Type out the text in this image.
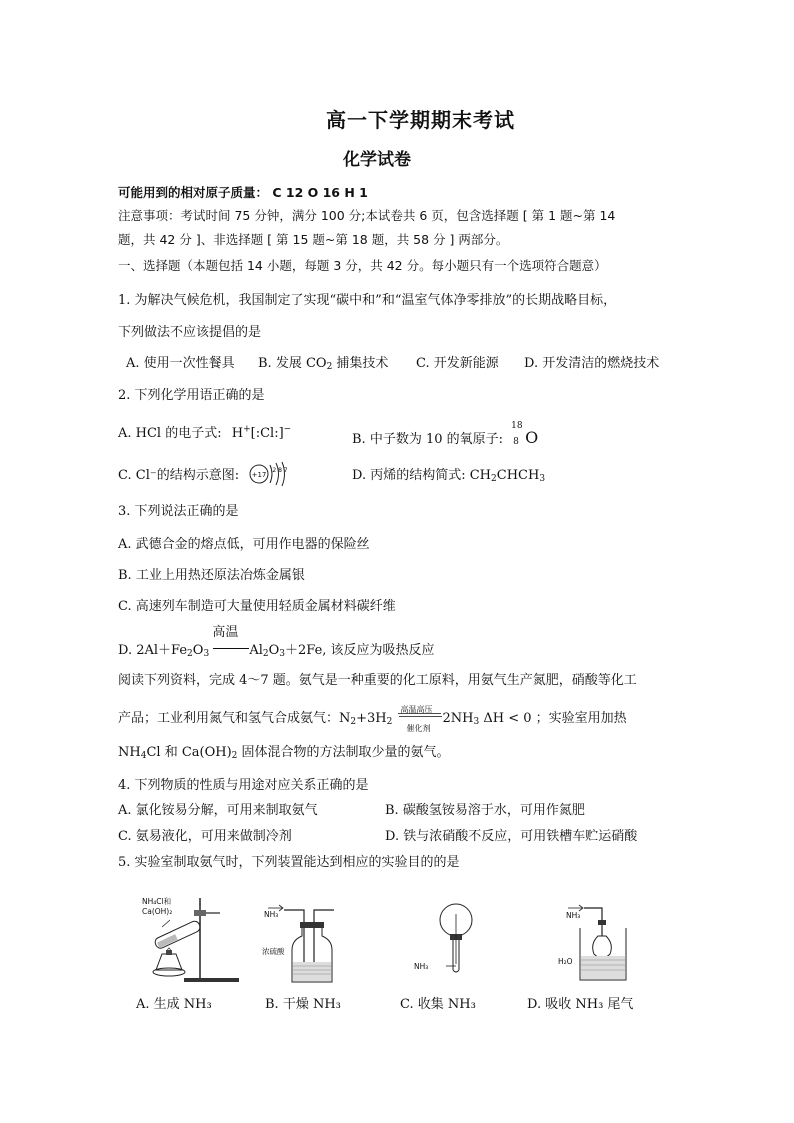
高一下学期期末考试
化学试卷
可能用到的相对原子质量： C 12 O 16 H 1
注意事项：考试时间 75 分钟，满分 100 分;本试卷共 6 页，包含选择题 [ 第 1 题~第 14
题，共 42 分 ]、非选择题 [ 第 15 题~第 18 题，共 58 分 ] 两部分。
一、选择题（本题包括 14 小题，每题 3 分，共 42 分。每小题只有一个选项符合题意）
1. 为解决气候危机，我国制定了实现“碳中和”和“温室气体净零排放”的长期战略目标，
下列做法不应该提倡的是
A. 使用一次性餐具 B. 发展 $CO_2$ 捕集技术 C. 开发新能源 D. 开发清洁的燃烧技术
2. 下列化学用语正确的是
A. HCl 的电子式: H+[:Cl:]−
B. 中子数为 10 的氧原子:
18
8 O
C. Cl⁻的结构示意图: +17
2 8 7	D. 丙烯的结构简式: $CH_2CHCH_3$
3. 下列说法正确的是
A. 武德合金的熔点低，可用作电器的保险丝
B. 工业上用热还原法冶炼金属银
C. 高速列车制造可大量使用轻质金属材料碳纤维
D. $2Al+Fe_2O_3$
高温
$Al_2O_3+2Fe$, 该反应为吸热反应
阅读下列资料，完成 4～7 题。氨气是一种重要的化工原料，用氨气生产氮肥，硝酸等化工
产品；工业利用氮气和氢气合成氨气：$N_2+3H_2$
高温高压
催化剂
$2NH_3$ ΔH < 0 ；实验室用加热
$NH_4Cl$ 和 $Ca(OH)_2$ 固体混合物的方法制取少量的氨气。
4. 下列物质的性质与用途对应关系正确的是
A. 氯化铵易分解，可用来制取氨气	B. 碳酸氢铵易溶于水，可用作氮肥
C. 氨易液化，可用来做制冷剂	D. 铁与浓硝酸不反应，可用铁槽车贮运硝酸
5. 实验室制取氨气时，下列装置能达到相应的实验目的的是
NH₄Cl和
Ca(OH)₂	NH₃
浓硫酸
NH₃
NH₃
H₂O
A. 生成 NH₃	B. 干燥 NH₃	C. 收集 NH₃	D. 吸收 NH₃ 尾气
